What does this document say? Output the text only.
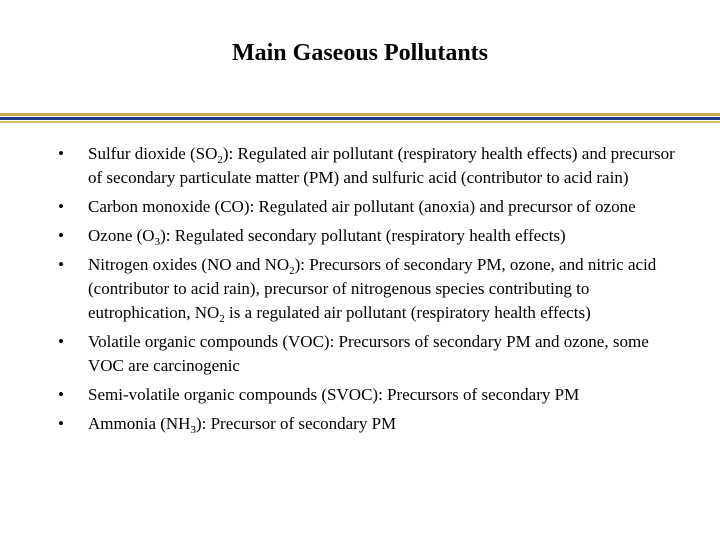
Main Gaseous Pollutants
• Sulfur dioxide $(SO_2)$: Regulated air pollutant (respiratory health effects) and precursor of secondary particulate matter (PM) and sulfuric acid (contributor to acid rain)
• Carbon monoxide (CO): Regulated air pollutant (anoxia) and precursor of ozone
• Ozone $(O_3)$: Regulated secondary pollutant (respiratory health effects)
• Nitrogen oxides (NO and $NO_2$): Precursors of secondary PM, ozone, and nitric acid (contributor to acid rain), precursor of nitrogenous species contributing to eutrophication, $NO_2$ is a regulated air pollutant (respiratory health effects)
• Volatile organic compounds (VOC): Precursors of secondary PM and ozone, some VOC are carcinogenic
• Semi-volatile organic compounds (SVOC): Precursors of secondary PM
• Ammonia $(NH_3)$: Precursor of secondary PM
